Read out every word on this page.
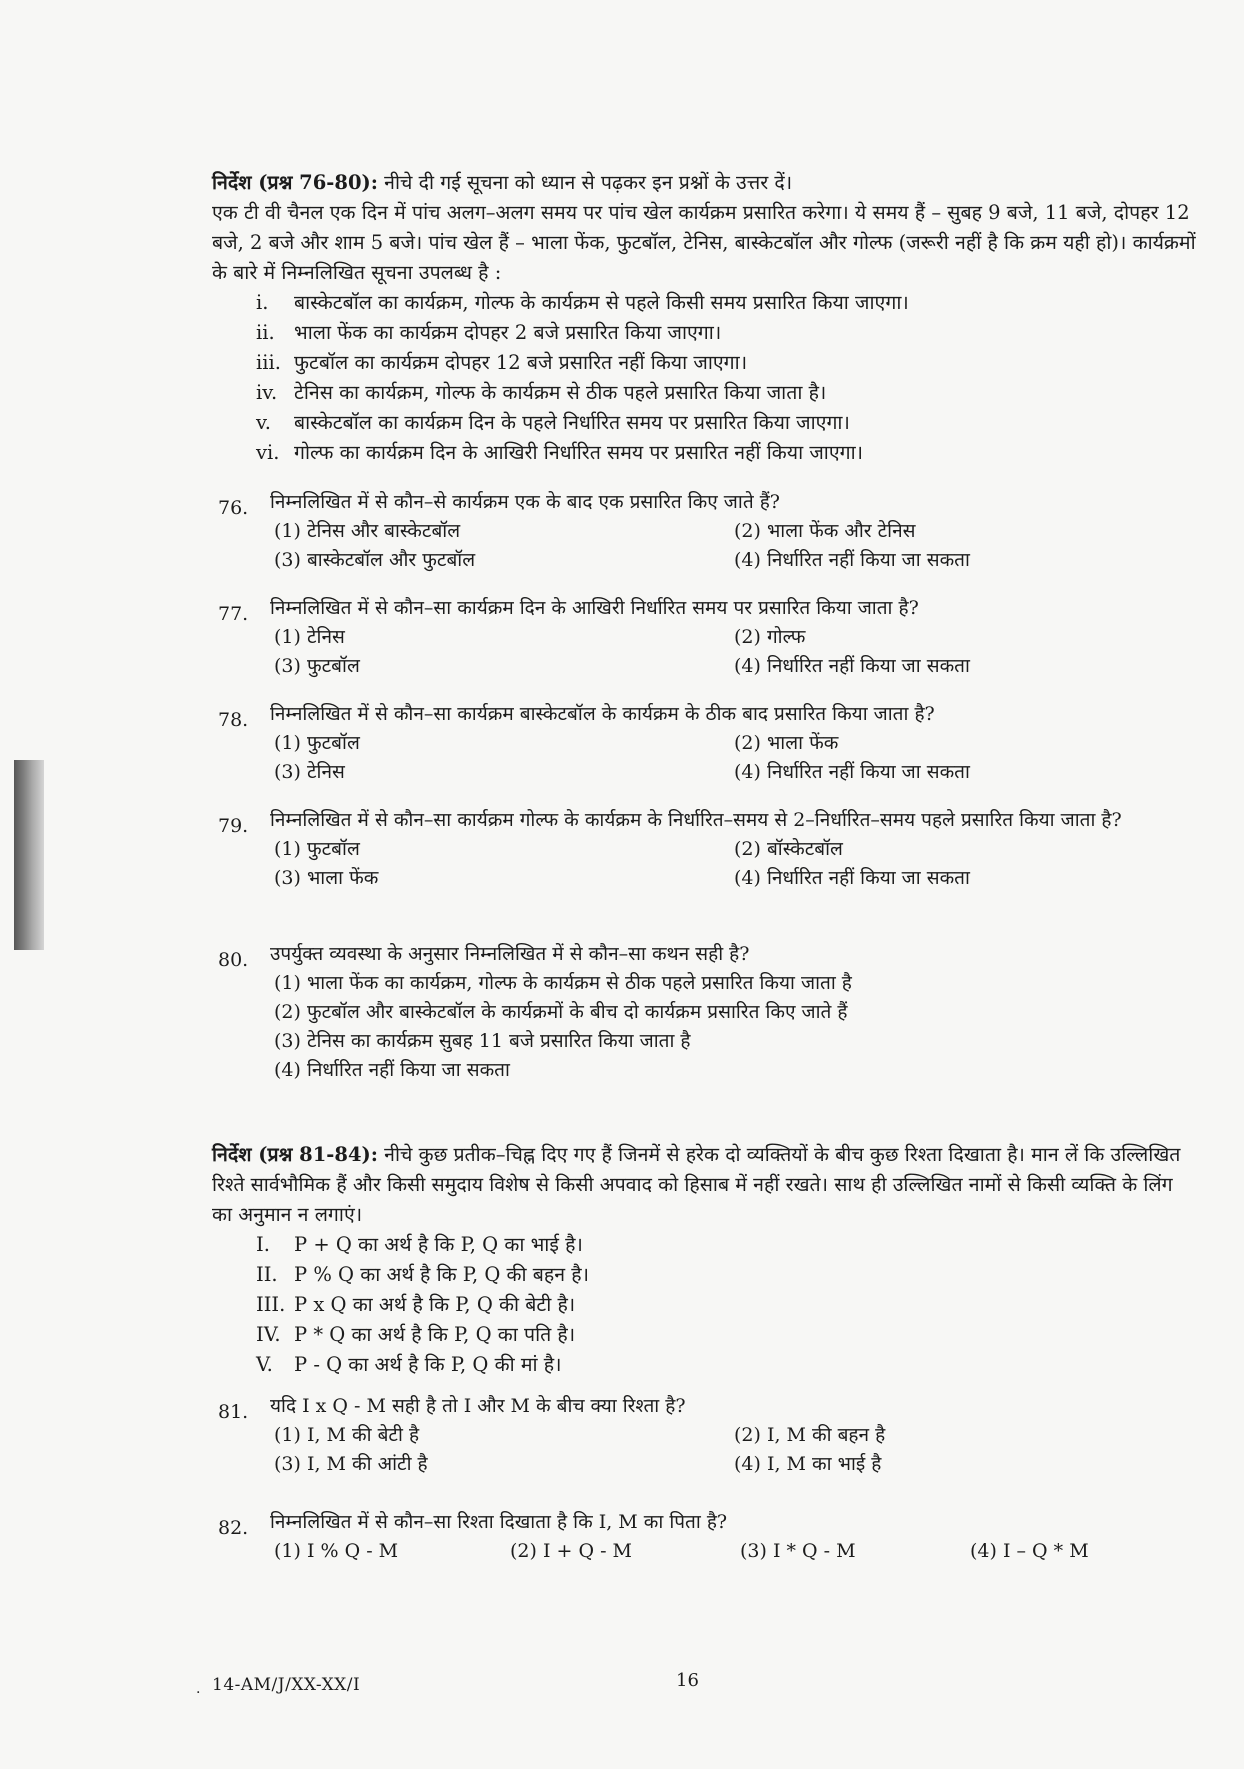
निर्देश (प्रश्न 76-80): नीचे दी गई सूचना को ध्यान से पढ़कर इन प्रश्नों के उत्तर दें।
एक टी वी चैनल एक दिन में पांच अलग–अलग समय पर पांच खेल कार्यक्रम प्रसारित करेगा। ये समय हैं – सुबह 9 बजे, 11 बजे, दोपहर 12 बजे, 2 बजे और शाम 5 बजे। पांच खेल हैं – भाला फेंक, फुटबॉल, टेनिस, बास्केटबॉल और गोल्फ (जरूरी नहीं है कि क्रम यही हो)। कार्यक्रमों के बारे में निम्नलिखित सूचना उपलब्ध है :
i. बास्केटबॉल का कार्यक्रम, गोल्फ के कार्यक्रम से पहले किसी समय प्रसारित किया जाएगा।
ii. भाला फेंक का कार्यक्रम दोपहर 2 बजे प्रसारित किया जाएगा।
iii. फुटबॉल का कार्यक्रम दोपहर 12 बजे प्रसारित नहीं किया जाएगा।
iv. टेनिस का कार्यक्रम, गोल्फ के कार्यक्रम से ठीक पहले प्रसारित किया जाता है।
v. बास्केटबॉल का कार्यक्रम दिन के पहले निर्धारित समय पर प्रसारित किया जाएगा।
vi. गोल्फ का कार्यक्रम दिन के आखिरी निर्धारित समय पर प्रसारित नहीं किया जाएगा।
76.	निम्नलिखित में से कौन–से कार्यक्रम एक के बाद एक प्रसारित किए जाते हैं?
(1) टेनिस और बास्केटबॉल	(2) भाला फेंक और टेनिस
(3) बास्केटबॉल और फुटबॉल	(4) निर्धारित नहीं किया जा सकता
77.	निम्नलिखित में से कौन–सा कार्यक्रम दिन के आखिरी निर्धारित समय पर प्रसारित किया जाता है?
(1) टेनिस	(2) गोल्फ
(3) फुटबॉल	(4) निर्धारित नहीं किया जा सकता
78.	निम्नलिखित में से कौन–सा कार्यक्रम बास्केटबॉल के कार्यक्रम के ठीक बाद प्रसारित किया जाता है?
(1) फुटबॉल	(2) भाला फेंक
(3) टेनिस	(4) निर्धारित नहीं किया जा सकता
79.	निम्नलिखित में से कौन–सा कार्यक्रम गोल्फ के कार्यक्रम के निर्धारित–समय से 2–निर्धारित–समय पहले प्रसारित किया जाता है?
(1) फुटबॉल	(2) बॉस्केटबॉल
(3) भाला फेंक	(4) निर्धारित नहीं किया जा सकता
80.	उपर्युक्त व्यवस्था के अनुसार निम्नलिखित में से कौन–सा कथन सही है?
(1) भाला फेंक का कार्यक्रम, गोल्फ के कार्यक्रम से ठीक पहले प्रसारित किया जाता है
(2) फुटबॉल और बास्केटबॉल के कार्यक्रमों के बीच दो कार्यक्रम प्रसारित किए जाते हैं
(3) टेनिस का कार्यक्रम सुबह 11 बजे प्रसारित किया जाता है
(4) निर्धारित नहीं किया जा सकता
निर्देश (प्रश्न 81-84): नीचे कुछ प्रतीक–चिह्न दिए गए हैं जिनमें से हरेक दो व्यक्तियों के बीच कुछ रिश्ता दिखाता है। मान लें कि उल्लिखित रिश्ते सार्वभौमिक हैं और किसी समुदाय विशेष से किसी अपवाद को हिसाब में नहीं रखते। साथ ही उल्लिखित नामों से किसी व्यक्ति के लिंग का अनुमान न लगाएं।
I. P + Q का अर्थ है कि P, Q का भाई है।
II. P % Q का अर्थ है कि P, Q की बहन है।
III. P x Q का अर्थ है कि P, Q की बेटी है।
IV. P * Q का अर्थ है कि P, Q का पति है।
V. P - Q का अर्थ है कि P, Q की मां है।
81.	यदि I x Q - M सही है तो I और M के बीच क्या रिश्ता है?
(1) I, M की बेटी है	(2) I, M की बहन है
(3) I, M की आंटी है	(4) I, M का भाई है
82.	निम्नलिखित में से कौन–सा रिश्ता दिखाता है कि I, M का पिता है?
(1) I % Q - M	(2) I + Q - M	(3) I * Q - M	(4) I – Q * M
. 14-AM/J/XX-XX/I	16
